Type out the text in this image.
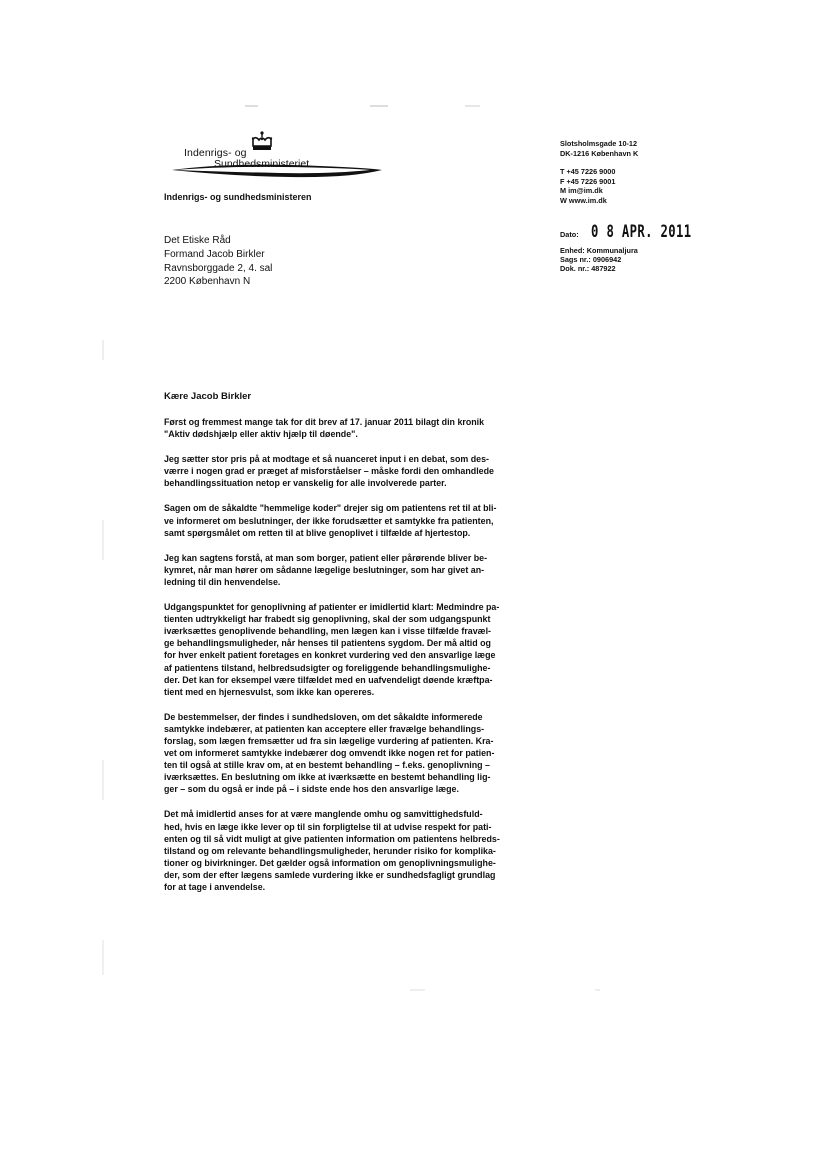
Indenrigs- og
Sundhedsministeriet
Indenrigs- og sundhedsministeren
Det Etiske Råd
Formand Jacob Birkler
Ravnsborggade 2, 4. sal
2200 København N
Slotsholmsgade 10-12
DK-1216 København K
T +45 7226 9000
F +45 7226 9001
M im@im.dk
W www.im.dk
Dato: 0 8 APR. 2011
Enhed: Kommunaljura
Sags nr.: 0906942
Dok. nr.: 487922
Kære Jacob Birkler
Først og fremmest mange tak for dit brev af 17. januar 2011 bilagt din kronik
"Aktiv dødshjælp eller aktiv hjælp til døende".
Jeg sætter stor pris på at modtage et så nuanceret input i en debat, som des-
værre i nogen grad er præget af misforståelser – måske fordi den omhandlede
behandlingssituation netop er vanskelig for alle involverede parter.
Sagen om de såkaldte "hemmelige koder" drejer sig om patientens ret til at bli-
ve informeret om beslutninger, der ikke forudsætter et samtykke fra patienten,
samt spørgsmålet om retten til at blive genoplivet i tilfælde af hjertestop.
Jeg kan sagtens forstå, at man som borger, patient eller pårørende bliver be-
kymret, når man hører om sådanne lægelige beslutninger, som har givet an-
ledning til din henvendelse.
Udgangspunktet for genoplivning af patienter er imidlertid klart: Medmindre pa-
tienten udtrykkeligt har frabedt sig genoplivning, skal der som udgangspunkt
iværksættes genoplivende behandling, men lægen kan i visse tilfælde fravæl-
ge behandlingsmuligheder, når henses til patientens sygdom. Der må altid og
for hver enkelt patient foretages en konkret vurdering ved den ansvarlige læge
af patientens tilstand, helbredsudsigter og foreliggende behandlingsmulighe-
der. Det kan for eksempel være tilfældet med en uafvendeligt døende kræftpa-
tient med en hjernesvulst, som ikke kan opereres.
De bestemmelser, der findes i sundhedsloven, om det såkaldte informerede
samtykke indebærer, at patienten kan acceptere eller fravælge behandlings-
forslag, som lægen fremsætter ud fra sin lægelige vurdering af patienten. Kra-
vet om informeret samtykke indebærer dog omvendt ikke nogen ret for patien-
ten til også at stille krav om, at en bestemt behandling – f.eks. genoplivning –
iværksættes. En beslutning om ikke at iværksætte en bestemt behandling lig-
ger – som du også er inde på – i sidste ende hos den ansvarlige læge.
Det må imidlertid anses for at være manglende omhu og samvittighedsfuld-
hed, hvis en læge ikke lever op til sin forpligtelse til at udvise respekt for pati-
enten og til så vidt muligt at give patienten information om patientens helbreds-
tilstand og om relevante behandlingsmuligheder, herunder risiko for komplika-
tioner og bivirkninger. Det gælder også information om genoplivningsmulighe-
der, som der efter lægens samlede vurdering ikke er sundhedsfagligt grundlag
for at tage i anvendelse.
